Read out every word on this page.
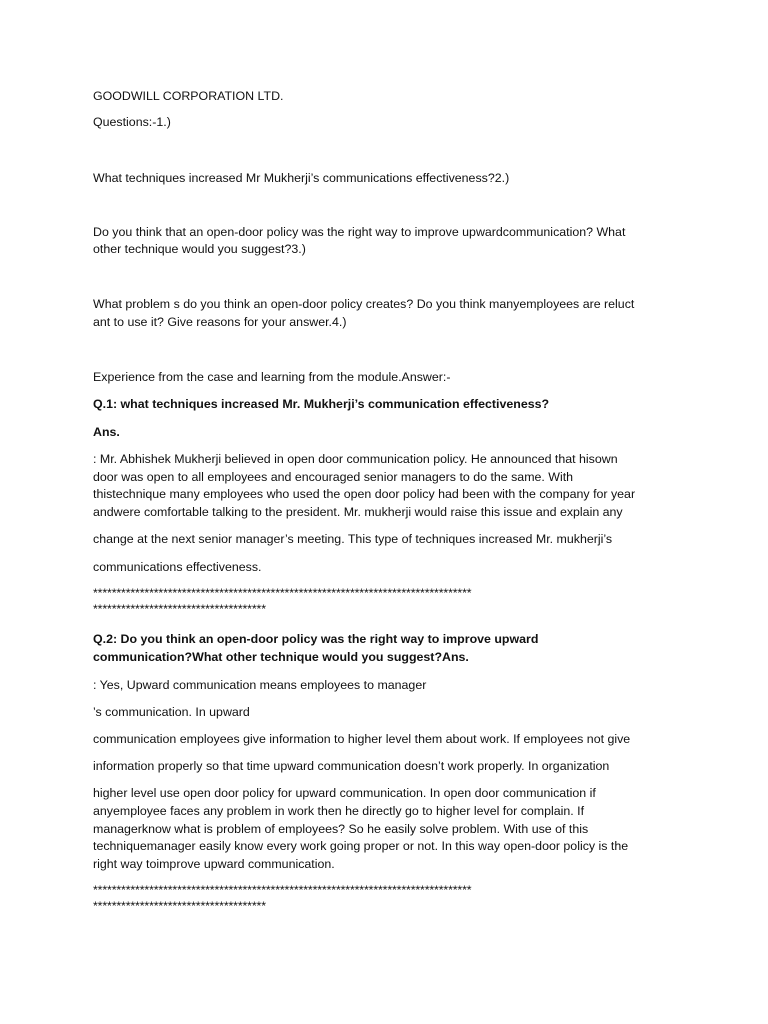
GOODWILL CORPORATION LTD.
Questions:-1.)
What techniques increased Mr Mukherji’s communications effectiveness?2.)
Do you think that an open-door policy was the right way to improve upwardcommunication? What
other technique would you suggest?3.)
What problem s do you think an open-door policy creates? Do you think manyemployees are reluct
ant to use it? Give reasons for your answer.4.)
Experience from the case and learning from the module.Answer:-
Q.1: what techniques increased Mr. Mukherji’s communication effectiveness?
Ans.
: Mr. Abhishek Mukherji believed in open door communication policy. He announced that hisown
door was open to all employees and encouraged senior managers to do the same. With
thistechnique many employees who used the open door policy had been with the company for year
andwere comfortable talking to the president. Mr. mukherji would raise this issue and explain any
change at the next senior manager’s meeting. This type of techniques increased Mr. mukherji’s
communications effectiveness.
*********************************************************************************
*************************************
Q.2: Do you think an open-door policy was the right way to improve upward
communication?What other technique would you suggest?Ans.
: Yes, Upward communication means employees to manager
’s communication. In upward
communication employees give information to higher level them about work. If employees not give
information properly so that time upward communication doesn’t work properly. In organization
higher level use open door policy for upward communication. In open door communication if
anyemployee faces any problem in work then he directly go to higher level for complain. If
managerknow what is problem of employees? So he easily solve problem. With use of this
techniquemanager easily know every work going proper or not. In this way open-door policy is the
right way toimprove upward communication.
*********************************************************************************
*************************************
